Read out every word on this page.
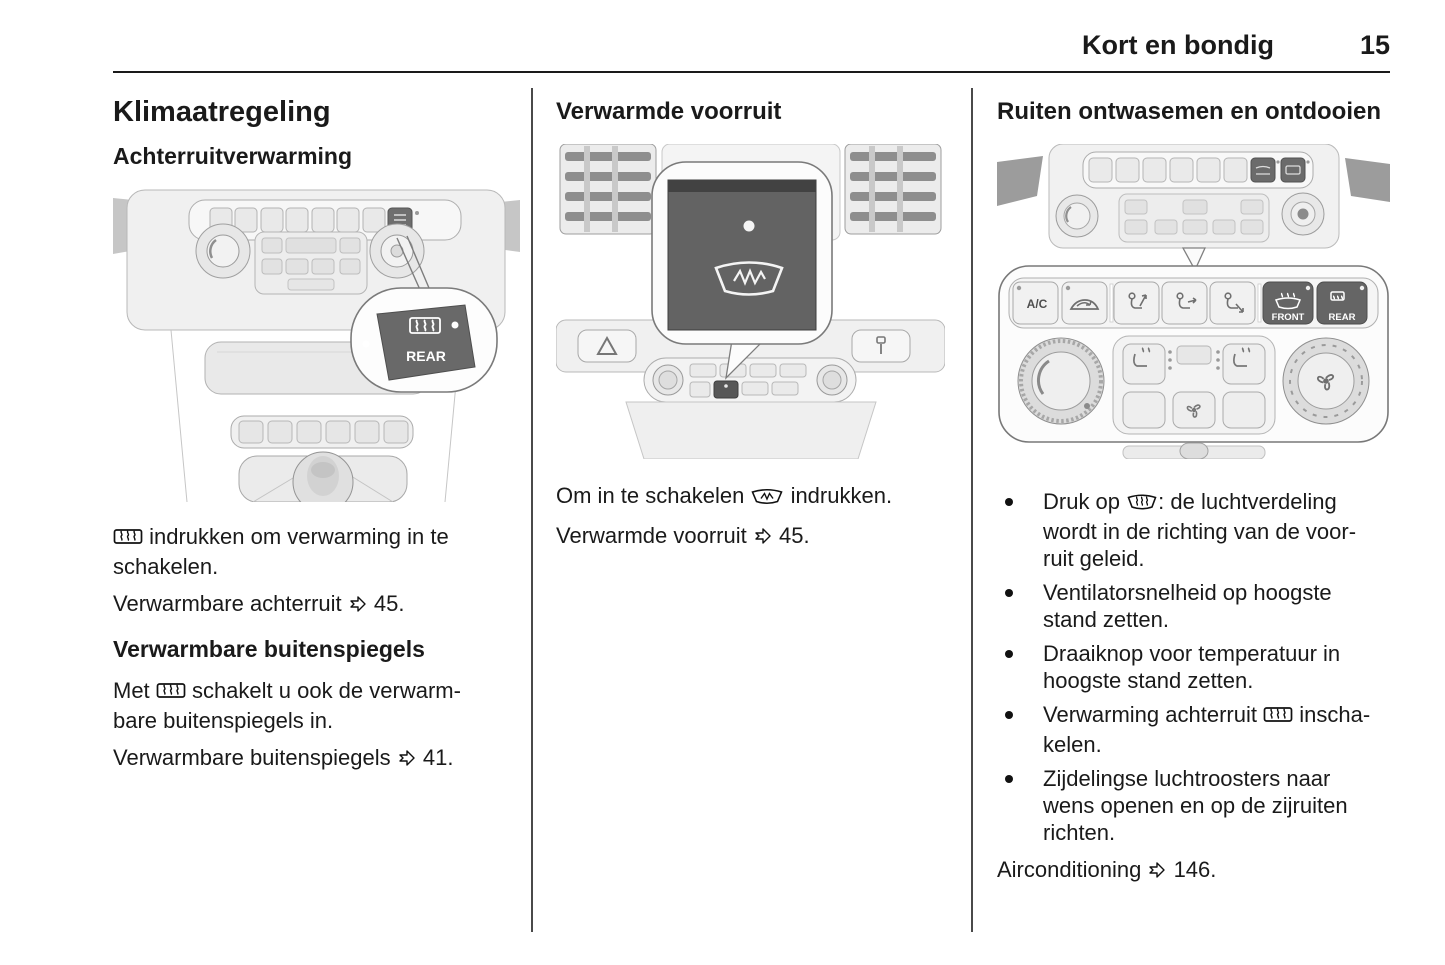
Kort en bondig	15
Klimaatregeling
Achterruitverwarming
REAR

indrukken om verwarming in te
schakelen.

Verwarmbare achterruit 45.

Verwarmbare buitenspiegels

Met schakelt u ook de verwarm-
bare buitenspiegels in.

Verwarmbare buitenspiegels 41.

Verwarmde voorruit

Om in te schakelen indrukken.

Verwarmde voorruit 45.

Ruiten ontwasemen en ontdooien
A/C
FRONT	REAR
Druk op : de luchtverdeling
wordt in de richting van de voor-
ruit geleid.
Ventilatorsnelheid op hoogste
stand zetten.
Draaiknop voor temperatuur in
hoogste stand zetten.
Verwarming achterruit inscha-
kelen.
Zijdelingse luchtroosters naar
wens openen en op de zijruiten
richten.

Airconditioning 146.
